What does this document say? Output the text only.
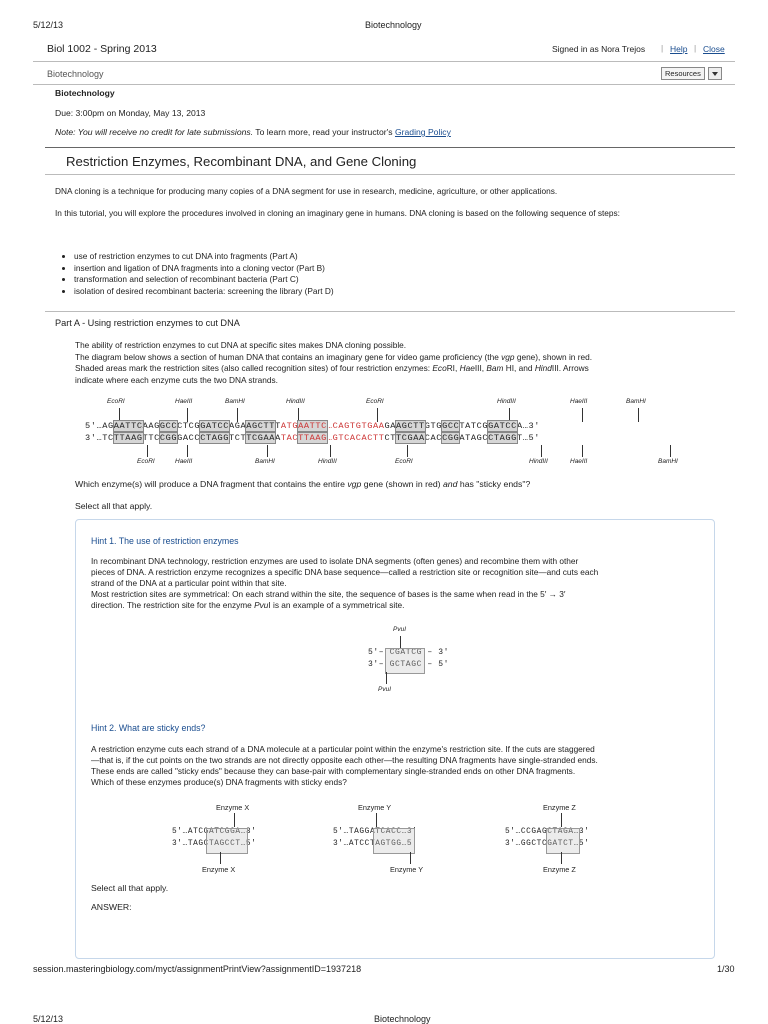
5/12/13	Biotechnology
Biol 1002 - Spring 2013	Signed in as Nora Trejos | Help | Close
Biotechnology	Resources
Biotechnology
Due: 3:00pm on Monday, May 13, 2013
Note: You will receive no credit for late submissions. To learn more, read your instructor's Grading Policy
Restriction Enzymes, Recombinant DNA, and Gene Cloning

DNA cloning is a technique for producing many copies of a DNA segment for use in research, medicine, agriculture, or other applications.

In this tutorial, you will explore the procedures involved in cloning an imaginary gene in humans. DNA cloning is based on the following sequence of steps:

• use of restriction enzymes to cut DNA into fragments (Part A)
• insertion and ligation of DNA fragments into a cloning vector (Part B)
• transformation and selection of recombinant bacteria (Part C)
• isolation of desired recombinant bacteria: screening the library (Part D)
Part A - Using restriction enzymes to cut DNA

The ability of restriction enzymes to cut DNA at specific sites makes DNA cloning possible.

The diagram below shows a section of human DNA that contains an imaginary gene for video game proficiency (the vgp gene), shown in red.

Shaded areas mark the restriction sites (also called recognition sites) of four restriction enzymes: EcoRI, HaeIII, Bam HI, and HindIII. Arrows

indicate where each enzyme cuts the two DNA strands.

EcoRI	HaeIII	BamHI	HindIII	EcoRI	HindIII	HaeIII	BamHI
5′…AGAATTCAAGGCCCTCGGATCCAGAAGCTTTATGAATTC…CAGTGTGAAGAAGCTTGTGGCCTATCGGATCCA…3′
3′…TCTTAAGTTCCGGGACCCTAGGTCTTCGAAATACTTAAG…GTCACACTTCTTCGAACACCGGATAGCCTAGGT…5′
EcoRI	HaeIII	BamHI	HindIII	EcoRI	HindIII	HaeIII	BamHI

Which enzyme(s) will produce a DNA fragment that contains the entire vgp gene (shown in red) and has "sticky ends"?

Select all that apply.

Hint 1. The use of restriction enzymes

In recombinant DNA technology, restriction enzymes are used to isolate DNA segments (often genes) and recombine them with other

pieces of DNA. A restriction enzyme recognizes a specific DNA base sequence—called a restriction site or recognition site—and cuts each

strand of the DNA at a particular point within that site.

Most restriction sites are symmetrical: On each strand within the site, the sequence of bases is the same when read in the 5′ → 3′

direction. The restriction site for the enzyme PvuI is an example of a symmetrical site.

PvuI
5′– CGATCG – 3′
3′– GCTAGC – 5′
PvuI
Hint 2. What are sticky ends?

A restriction enzyme cuts each strand of a DNA molecule at a particular point within the enzyme's restriction site. If the cuts are staggered

—that is, if the cut points on the two strands are not directly opposite each other—the resulting DNA fragments have single-stranded ends.

These ends are called "sticky ends" because they can base-pair with complementary single-stranded ends on other DNA fragments.

Which of these enzymes produce(s) DNA fragments with sticky ends?

Enzyme X
5′…ATCGATCGGA…3′
3′…TAGCTAGCCT…5′
Enzyme X
Enzyme Y
5′…TAGGATCACC…3′
3′…ATCCTAGTGG…5′
Enzyme Y
Enzyme Z
5′…CCGAGCTAGA…3′
3′…GGCTCGATCT…5′
Enzyme Z
Select all that apply.
ANSWER:
session.masteringbiology.com/myct/assignmentPrintView?assignmentID=1937218	1/30
5/12/13	Biotechnology
